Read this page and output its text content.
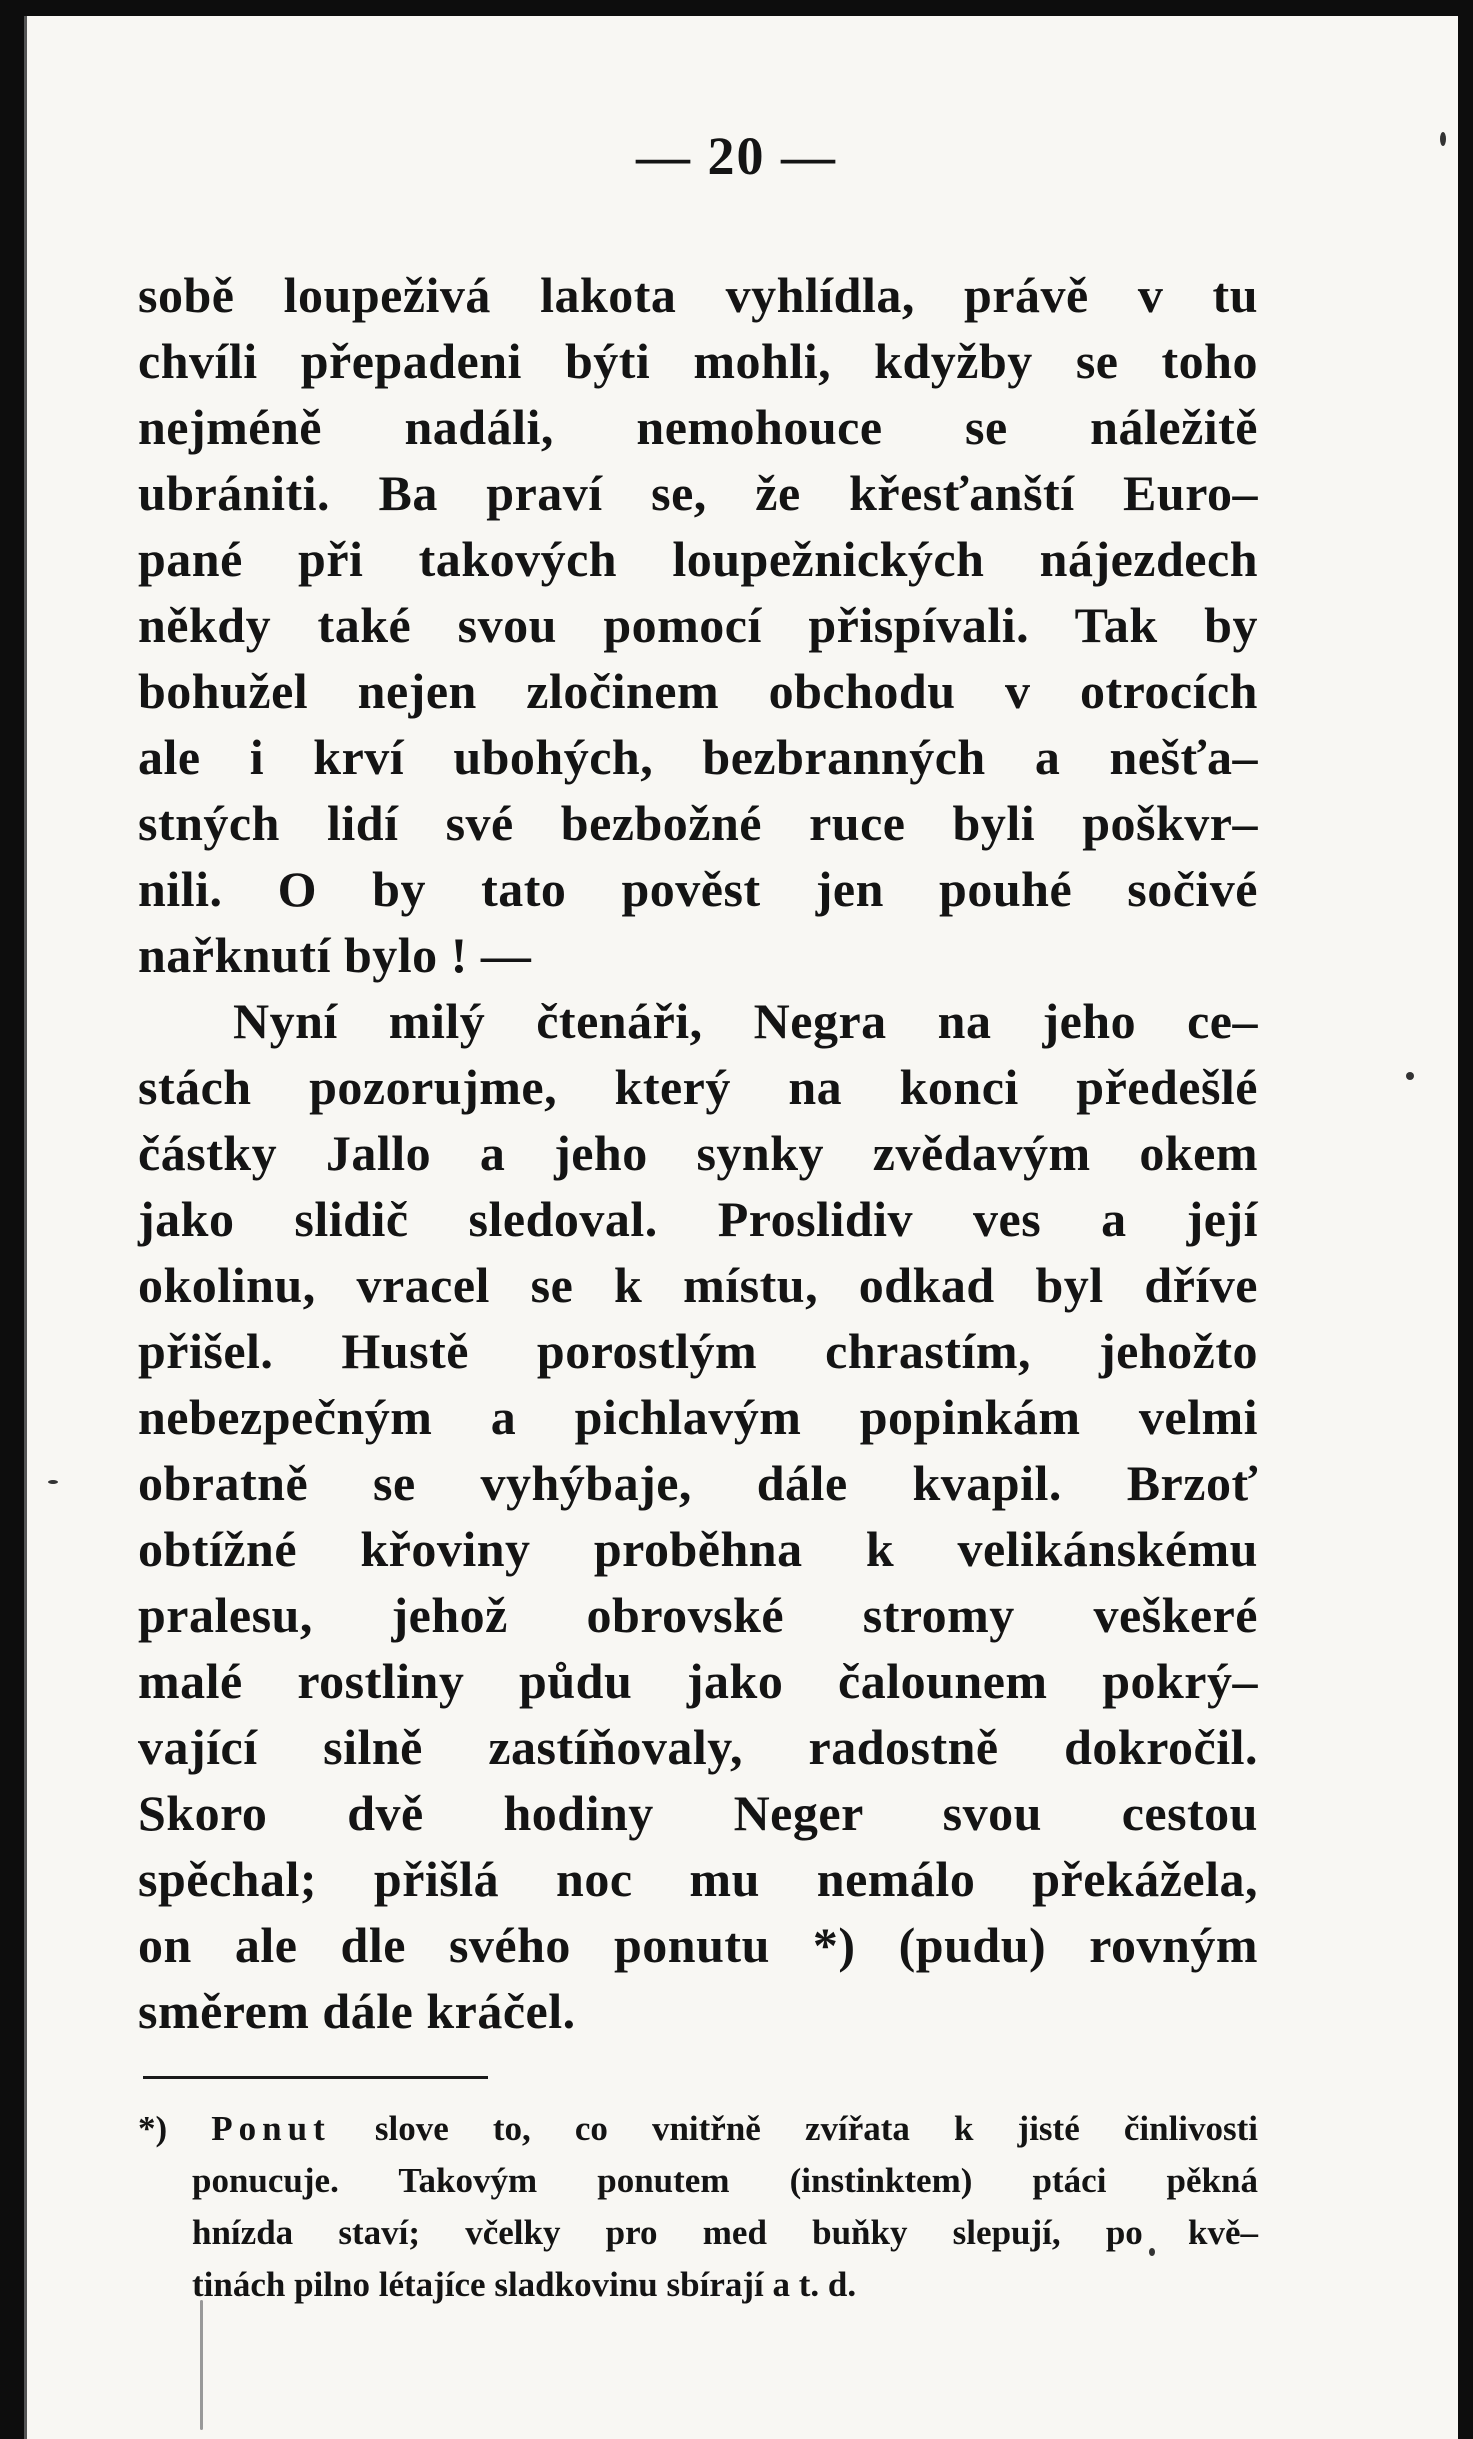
— 20 —
sobě loupeživá lakota vyhlídla, právě v tu
chvíli přepadeni býti mohli, kdyžby se toho
nejméně nadáli, nemohouce se náležitě
ubrániti. Ba praví se, že křesťanští Euro–
pané při takových loupežnických nájezdech
někdy také svou pomocí přispívali. Tak by
bohužel nejen zločinem obchodu v otrocích
ale i krví ubohých, bezbranných a nešťa–
stných lidí své bezbožné ruce byli poškvr–
nili. O by tato pověst jen pouhé sočivé
nařknutí bylo ! —
Nyní milý čtenáři, Negra na jeho ce–
stách pozorujme, který na konci předešlé
částky Jallo a jeho synky zvědavým okem
jako slidič sledoval. Proslidiv ves a její
okolinu, vracel se k místu, odkad byl dříve
přišel. Hustě porostlým chrastím, jehožto
nebezpečným a pichlavým popinkám velmi
obratně se vyhýbaje, dále kvapil. Brzoť
obtížné křoviny proběhna k velikánskému
pralesu, jehož obrovské stromy veškeré
malé rostliny půdu jako čalounem pokrý–
vající silně zastíňovaly, radostně dokročil.
Skoro dvě hodiny Neger svou cestou
spěchal; přišlá noc mu nemálo překážela,
on ale dle svého ponutu *) (pudu) rovným
směrem dále kráčel.
*) Ponut slove to, co vnitřně zvířata k jisté činlivosti
ponucuje. Takovým ponutem (instinktem) ptáci pěkná
hnízda staví; včelky pro med buňky slepují, po kvě–
tinách pilno létajíce sladkovinu sbírají a t. d.
